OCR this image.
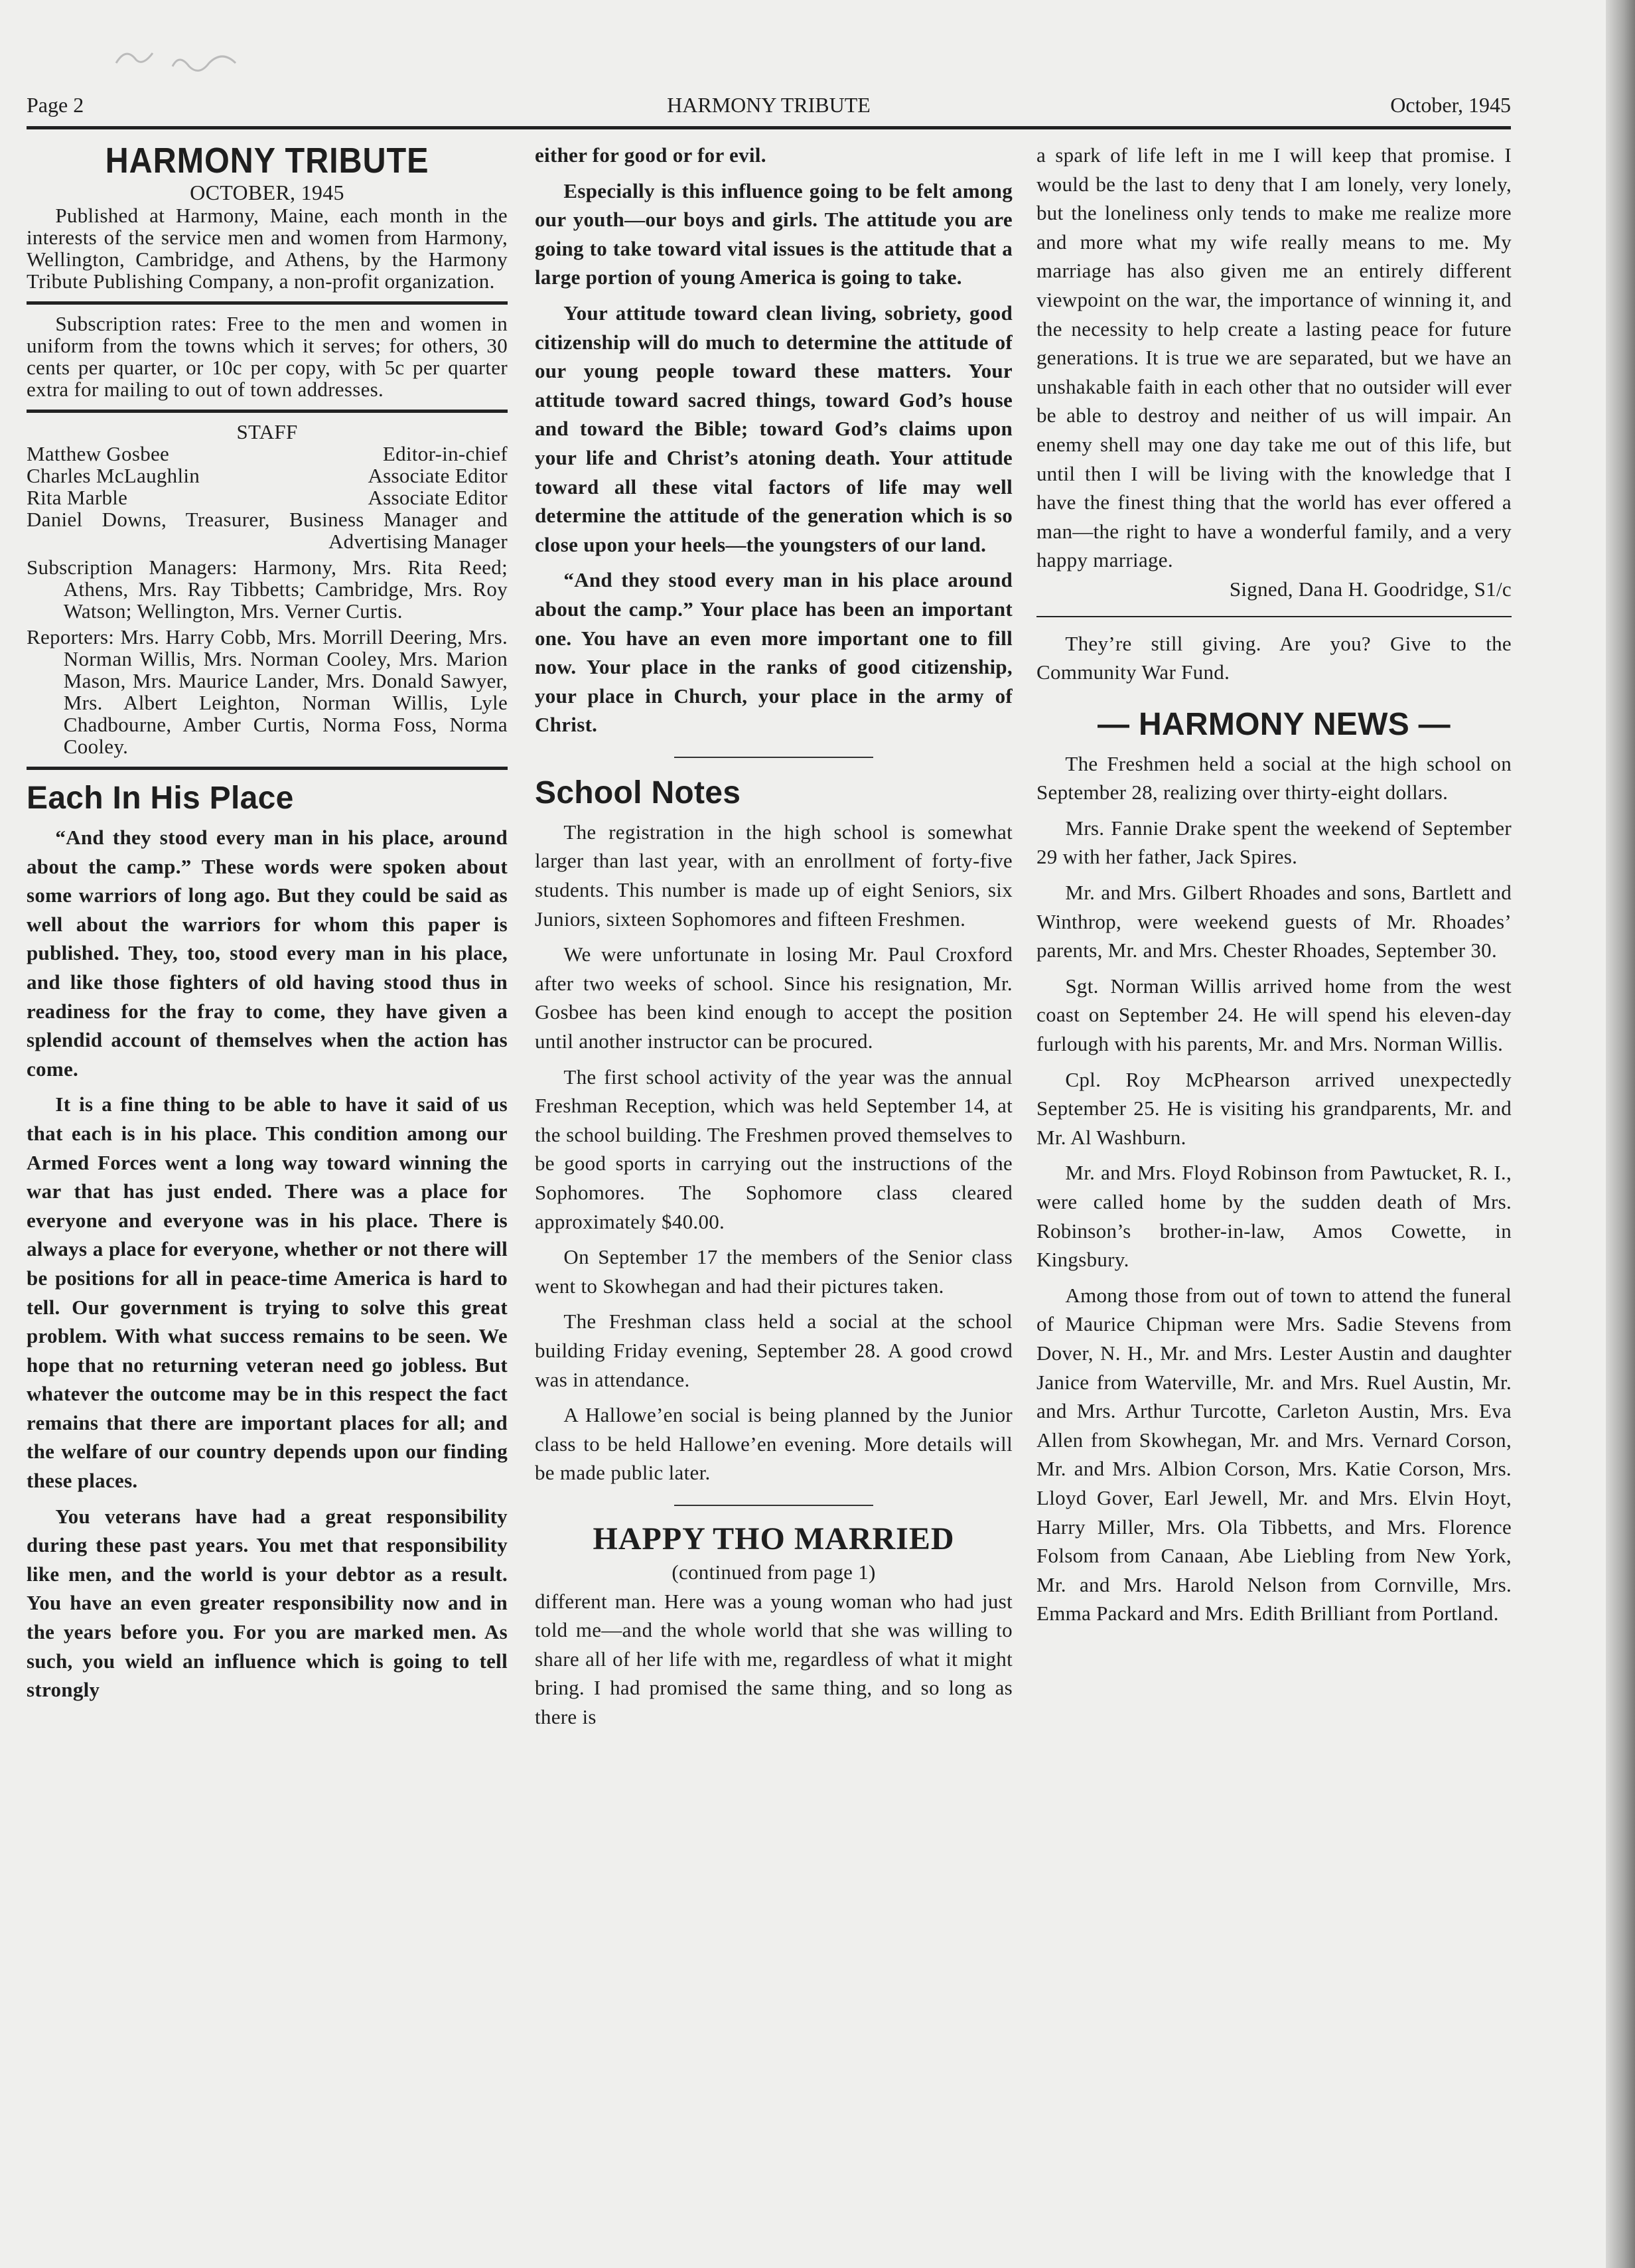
Page 2	HARMONY TRIBUTE	October, 1945
HARMONY TRIBUTE
OCTOBER, 1945

Published at Harmony, Maine, each month in the interests of the service men and women from Harmony, Wellington, Cambridge, and Athens, by the Harmony Tribute Publishing Company, a non-profit organization.

Subscription rates: Free to the men and women in uniform from the towns which it serves; for others, 30 cents per quarter, or 10c per copy, with 5c per quarter extra for mailing to out of town addresses.

STAFF
Matthew Gosbee	Editor-in-chief
Charles McLaughlin	Associate Editor
Rita Marble	Associate Editor

Daniel Downs, Treasurer, Business Manager and Advertising Manager

Subscription Managers: Harmony, Mrs. Rita Reed; Athens, Mrs. Ray Tibbetts; Cambridge, Mrs. Roy Watson; Wellington, Mrs. Verner Curtis.

Reporters: Mrs. Harry Cobb, Mrs. Morrill Deering, Mrs. Norman Willis, Mrs. Norman Cooley, Mrs. Marion Mason, Mrs. Maurice Lander, Mrs. Donald Sawyer, Mrs. Albert Leighton, Norman Willis, Lyle Chadbourne, Amber Curtis, Norma Foss, Norma Cooley.

Each In His Place

“And they stood every man in his place, around about the camp.” These words were spoken about some warriors of long ago. But they could be said as well about the warriors for whom this paper is published. They, too, stood every man in his place, and like those fighters of old having stood thus in readiness for the fray to come, they have given a splendid account of themselves when the action has come.

It is a fine thing to be able to have it said of us that each is in his place. This condition among our Armed Forces went a long way toward winning the war that has just ended. There was a place for everyone and everyone was in his place. There is always a place for everyone, whether or not there will be positions for all in peace-time America is hard to tell. Our government is trying to solve this great problem. With what success remains to be seen. We hope that no returning veteran need go jobless. But whatever the outcome may be in this respect the fact remains that there are important places for all; and the welfare of our country depends upon our finding these places.

You veterans have had a great responsibility during these past years. You met that responsibility like men, and the world is your debtor as a result. You have an even greater responsibility now and in the years before you. For you are marked men. As such, you wield an influence which is going to tell strongly

either for good or for evil.

Especially is this influence going to be felt among our youth—our boys and girls. The attitude you are going to take toward vital issues is the attitude that a large portion of young America is going to take.

Your attitude toward clean living, sobriety, good citizenship will do much to determine the attitude of our young people toward these matters. Your attitude toward sacred things, toward God’s house and toward the Bible; toward God’s claims upon your life and Christ’s atoning death. Your attitude toward all these vital factors of life may well determine the attitude of the generation which is so close upon your heels—the youngsters of our land.

“And they stood every man in his place around about the camp.” Your place has been an important one. You have an even more important one to fill now. Your place in the ranks of good citizenship, your place in Church, your place in the army of Christ.

School Notes

The registration in the high school is somewhat larger than last year, with an enrollment of forty-five students. This number is made up of eight Seniors, six Juniors, sixteen Sophomores and fifteen Freshmen.

We were unfortunate in losing Mr. Paul Croxford after two weeks of school. Since his resignation, Mr. Gosbee has been kind enough to accept the position until another instructor can be procured.

The first school activity of the year was the annual Freshman Reception, which was held September 14, at the school building. The Freshmen proved themselves to be good sports in carrying out the instructions of the Sophomores. The Sophomore class cleared approximately $40.00.

On September 17 the members of the Senior class went to Skowhegan and had their pictures taken.

The Freshman class held a social at the school building Friday evening, September 28. A good crowd was in attendance.

A Hallowe’en social is being planned by the Junior class to be held Hallowe’en evening. More details will be made public later.

HAPPY THO MARRIED
(continued from page 1)

different man. Here was a young woman who had just told me—and the whole world that she was willing to share all of her life with me, regardless of what it might bring. I had promised the same thing, and so long as there is

a spark of life left in me I will keep that promise. I would be the last to deny that I am lonely, very lonely, but the loneliness only tends to make me realize more and more what my wife really means to me. My marriage has also given me an entirely different viewpoint on the war, the importance of winning it, and the necessity to help create a lasting peace for future generations. It is true we are separated, but we have an unshakable faith in each other that no outsider will ever be able to destroy and neither of us will impair. An enemy shell may one day take me out of this life, but until then I will be living with the knowledge that I have the finest thing that the world has ever offered a man—the right to have a wonderful family, and a very happy marriage.

Signed, Dana H. Goodridge, S1/c

They’re still giving. Are you? Give to the Community War Fund.

— HARMONY NEWS —

The Freshmen held a social at the high school on September 28, realizing over thirty-eight dollars.

Mrs. Fannie Drake spent the weekend of September 29 with her father, Jack Spires.

Mr. and Mrs. Gilbert Rhoades and sons, Bartlett and Winthrop, were weekend guests of Mr. Rhoades’ parents, Mr. and Mrs. Chester Rhoades, September 30.

Sgt. Norman Willis arrived home from the west coast on September 24. He will spend his eleven-day furlough with his parents, Mr. and Mrs. Norman Willis.

Cpl. Roy McPhearson arrived unexpectedly September 25. He is visiting his grandparents, Mr. and Mr. Al Washburn.

Mr. and Mrs. Floyd Robinson from Pawtucket, R. I., were called home by the sudden death of Mrs. Robinson’s brother-in-law, Amos Cowette, in Kingsbury.

Among those from out of town to attend the funeral of Maurice Chipman were Mrs. Sadie Stevens from Dover, N. H., Mr. and Mrs. Lester Austin and daughter Janice from Waterville, Mr. and Mrs. Ruel Austin, Mr. and Mrs. Arthur Turcotte, Carleton Austin, Mrs. Eva Allen from Skowhegan, Mr. and Mrs. Vernard Corson, Mr. and Mrs. Albion Corson, Mrs. Katie Corson, Mrs. Lloyd Gover, Earl Jewell, Mr. and Mrs. Elvin Hoyt, Harry Miller, Mrs. Ola Tibbetts, and Mrs. Florence Folsom from Canaan, Abe Liebling from New York, Mr. and Mrs. Harold Nelson from Cornville, Mrs. Emma Packard and Mrs. Edith Brilliant from Portland.
